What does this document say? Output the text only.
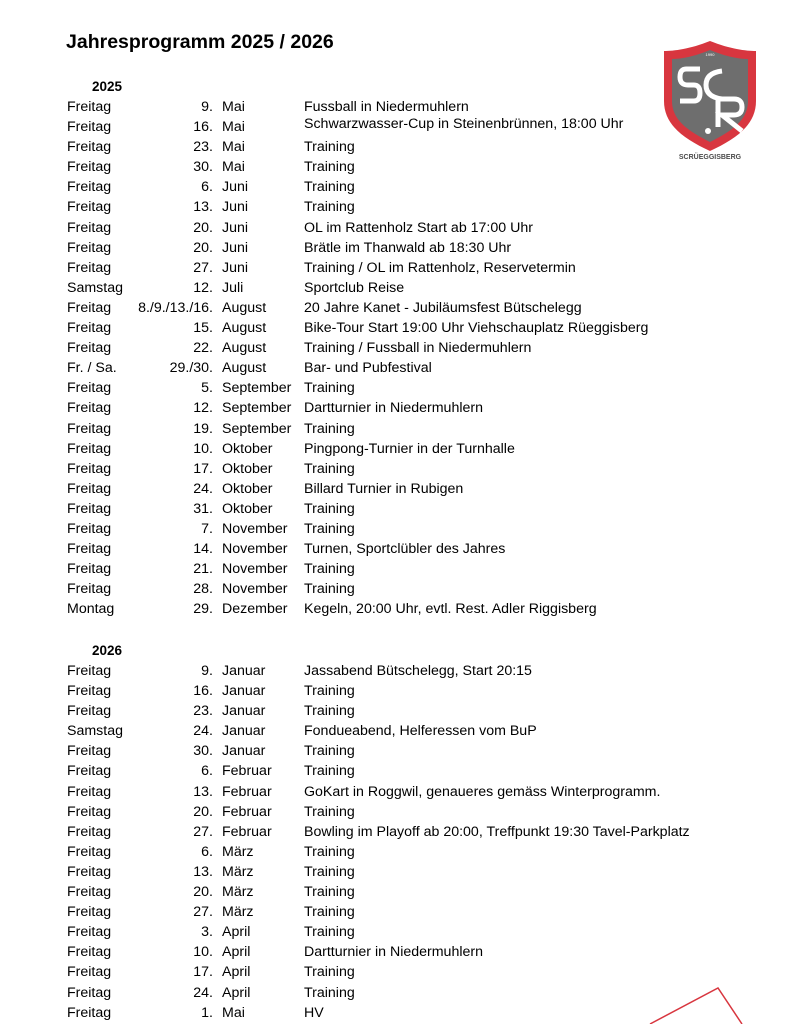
Jahresprogramm 2025 / 2026
1990
SCRÜEGGISBERG
2025
Freitag	9. Mai	Fussball in Niedermuhlern
Freitag	16. Mai	Schwarzwasser-Cup in Steinenbrünnen, 18:00 Uhr
Freitag	23. Mai	Training
Freitag	30. Mai	Training
Freitag	6. Juni	Training
Freitag	13. Juni	Training
Freitag	20. Juni	OL im Rattenholz Start ab 17:00 Uhr
Freitag	20. Juni	Brätle im Thanwald ab 18:30 Uhr
Freitag	27. Juni	Training / OL im Rattenholz, Reservetermin
Samstag	12. Juli	Sportclub Reise
Freitag 8./9./13./16. August	20 Jahre Kanet - Jubiläumsfest Bütschelegg
Freitag	15. August	Bike-Tour Start 19:00 Uhr Viehschauplatz Rüeggisberg
Freitag	22. August	Training / Fussball in Niedermuhlern
Fr. / Sa.	29./30. August	Bar- und Pubfestival
Freitag	5. September Training
Freitag	12. September Dartturnier in Niedermuhlern
Freitag	19. September Training
Freitag	10. Oktober Pingpong-Turnier in der Turnhalle
Freitag	17. Oktober Training
Freitag	24. Oktober Billard Turnier in Rubigen
Freitag	31. Oktober Training
Freitag	7. November Training
Freitag	14. November Turnen, Sportclübler des Jahres
Freitag	21. November Training
Freitag	28. November Training
Montag	29. Dezember Kegeln, 20:00 Uhr, evtl. Rest. Adler Riggisberg
2026
Freitag	9. Januar	Jassabend Bütschelegg, Start 20:15
Freitag	16. Januar	Training
Freitag	23. Januar	Training
Samstag	24. Januar	Fondueabend, Helferessen vom BuP
Freitag	30. Januar	Training
Freitag	6. Februar Training
Freitag	13. Februar GoKart in Roggwil, genaueres gemäss Winterprogramm.
Freitag	20. Februar Training
Freitag	27. Februar Bowling im Playoff ab 20:00, Treffpunkt 19:30 Tavel-Parkplatz
Freitag	6. März	Training
Freitag	13. März	Training
Freitag	20. März	Training
Freitag	27. März	Training
Freitag	3. April	Training
Freitag	10. April	Dartturnier in Niedermuhlern
Freitag	17. April	Training
Freitag	24. April	Training
Freitag	1. Mai	HV
